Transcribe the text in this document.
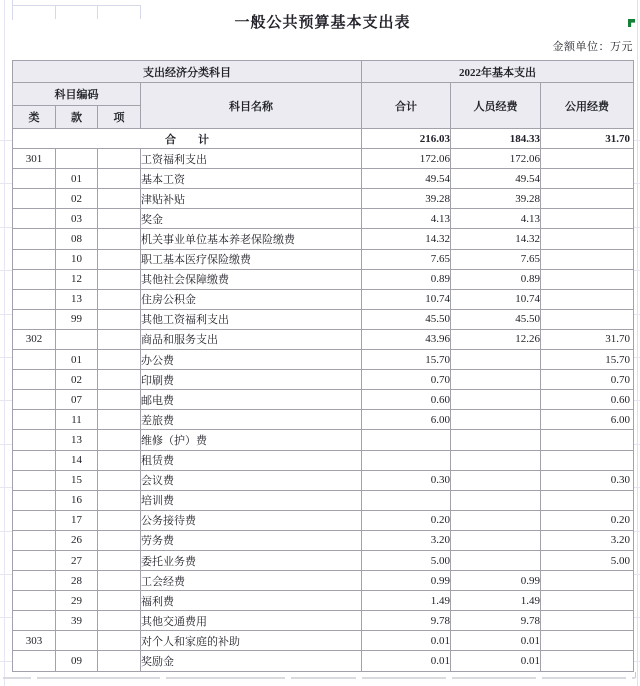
一般公共预算基本支出表
金额单位：万元
支出经济分类科目				2022年基本支出		
科目编码			科目名称	合计	人员经费	公用经费
类	款	项				
合　　计				216.03	184.33	31.70
301			工资福利支出	172.06	172.06	
	01		基本工资	49.54	49.54	
	02		津贴补贴	39.28	39.28	
	03		奖金	4.13	4.13	
	08		机关事业单位基本养老保险缴费	14.32	14.32	
	10		职工基本医疗保险缴费	7.65	7.65	
	12		其他社会保障缴费	0.89	0.89	
	13		住房公积金	10.74	10.74	
	99		其他工资福利支出	45.50	45.50	
302			商品和服务支出	43.96	12.26	31.70
	01		办公费	15.70		15.70
	02		印刷费	0.70		0.70
	07		邮电费	0.60		0.60
	11		差旅费	6.00		6.00
	13		维修（护）费			
	14		租赁费			
	15		会议费	0.30		0.30
	16		培训费			
	17		公务接待费	0.20		0.20
	26		劳务费	3.20		3.20
	27		委托业务费	5.00		5.00
	28		工会经费	0.99	0.99	
	29		福利费	1.49	1.49	
	39		其他交通费用	9.78	9.78	
303			对个人和家庭的补助	0.01	0.01	
	09		奖励金	0.01	0.01	
